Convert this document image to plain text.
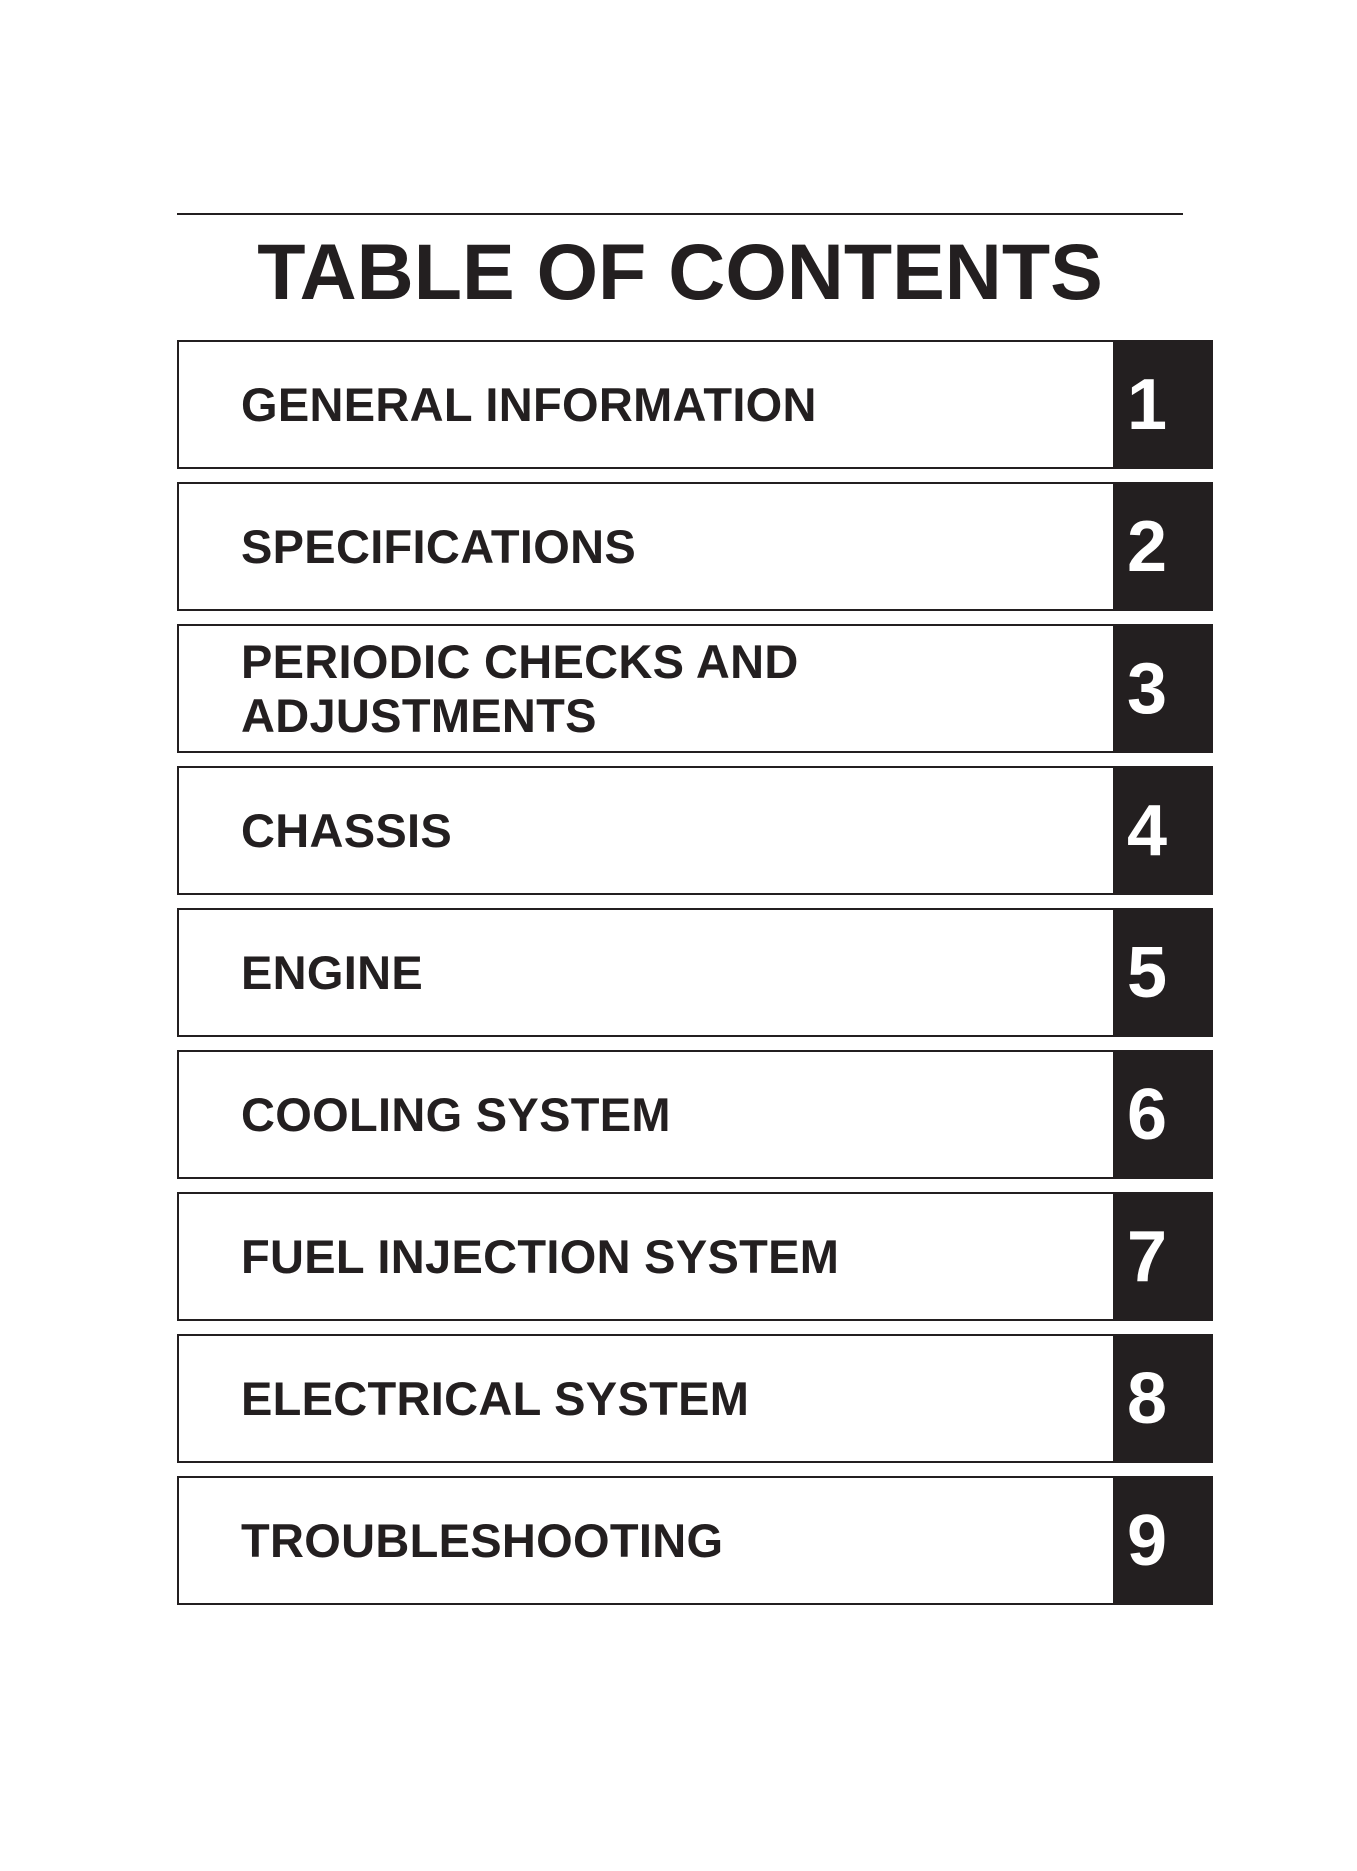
TABLE OF CONTENTS
GENERAL INFORMATION	1
SPECIFICATIONS	2
PERIODIC CHECKS AND
ADJUSTMENTS	3
CHASSIS	4
ENGINE	5
COOLING SYSTEM	6
FUEL INJECTION SYSTEM	7
ELECTRICAL SYSTEM	8
TROUBLESHOOTING	9
